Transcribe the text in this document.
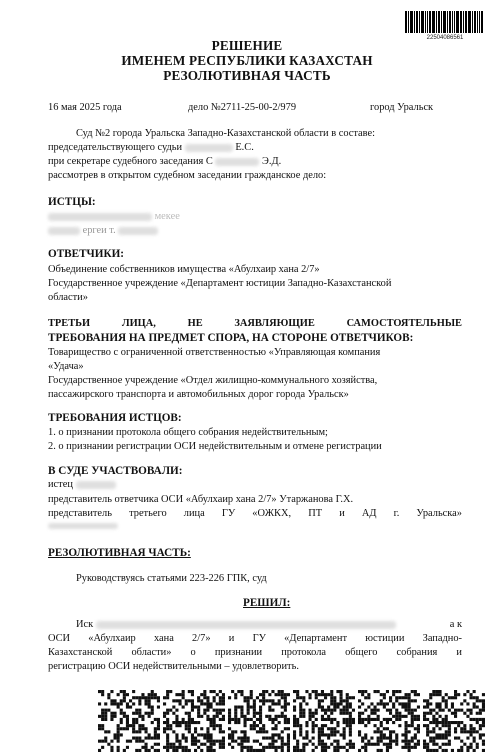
22504086561
РЕШЕНИЕ
ИМЕНЕМ РЕСПУБЛИКИ КАЗАХСТАН
РЕЗОЛЮТИВНАЯ ЧАСТЬ
16 мая 2025 года	дело №2711-25-00-2/979	город Уральск
Суд №2 города Уральска Западно-Казахстанской области в составе:
председательствующего судьи	Е.С.
при секретаре судебного заседания С	Э.Д.
рассмотрев в открытом судебном заседании гражданское дело:
ИСТЦЫ:
мекее
ергеи т.
ОТВЕТЧИКИ:
Объединение собственников имущества «Абулхаир хана 2/7»
Государственное учреждение «Департамент юстиции Западно-Казахстанской
области»
ТРЕТЬИ ЛИЦА, НЕ ЗАЯВЛЯЮЩИЕ САМОСТОЯТЕЛЬНЫЕ
ТРЕБОВАНИЯ НА ПРЕДМЕТ СПОРА, НА СТОРОНЕ ОТВЕТЧИКОВ:
Товарищество с ограниченной ответственностью «Управляющая компания
«Удача»
Государственное учреждение «Отдел жилищно-коммунального хозяйства,
пассажирского транспорта и автомобильных дорог города Уральск»
ТРЕБОВАНИЯ ИСТЦОВ:
1. о признании протокола общего собрания недействительным;
2. о признании регистрации ОСИ недействительным и отмене регистрации
В СУДЕ УЧАСТВОВАЛИ:
истец
представитель ответчика ОСИ «Абулхаир хана 2/7» Утаржанова Г.Х.
представитель третьего лица ГУ «ОЖКХ, ПТ и АД г. Уральска»
РЕЗОЛЮТИВНАЯ ЧАСТЬ:
Руководствуясь статьями 223-226 ГПК, суд
РЕШИЛ:
Иск	а к
ОСИ «Абулхаир хана 2/7» и ГУ «Департамент юстиции Западно-
Казахстанской области» о признании протокола общего собрания и
регистрацию ОСИ недействительными – удовлетворить.
